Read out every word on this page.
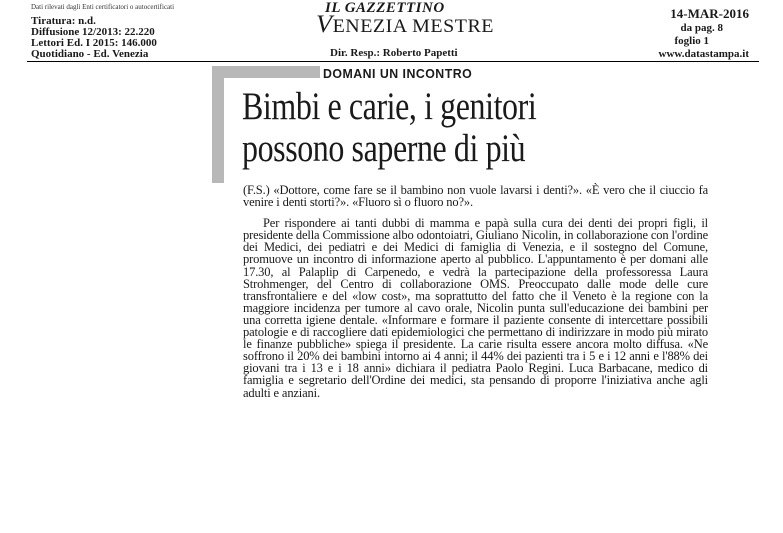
Dati rilevati dagli Enti certificatori o autocertificati
Tiratura: n.d.
Diffusione 12/2013: 22.220
Lettori Ed. I 2015: 146.000
Quotidiano - Ed. Venezia
IL GAZZETTINO
VENEZIA MESTRE
Dir. Resp.: Roberto Papetti
14-MAR-2016
da pag. 8
foglio 1
www.datastampa.it
DOMANI UN INCONTRO
Bimbi e carie, i genitori
possono saperne di più

(F.S.) «Dottore, come fare se il bambino non vuole lavarsi i denti?». «È vero che il ciuccio fa venire i denti storti?». «Fluoro sì o fluoro no?».

Per rispondere ai tanti dubbi di mamma e papà sulla cura dei denti dei propri figli, il presidente della Commissione albo odontoiatri, Giuliano Nicolin, in collaborazione con l'ordine dei Medici, dei pediatri e dei Medici di famiglia di Venezia, e il sostegno del Comune, promuove un incontro di informazione aperto al pubblico. L'appuntamento è per domani alle 17.30, al Palaplip di Carpenedo, e vedrà la partecipazione della professoressa Laura Strohmenger, del Centro di collaborazione OMS. Preoccupato dalle mode delle cure transfrontaliere e del «low cost», ma soprattutto del fatto che il Veneto è la regione con la maggiore incidenza per tumore al cavo orale, Nicolin punta sull'educazione dei bambini per una corretta igiene dentale. «Informare e formare il paziente consente di intercettare possibili patologie e di raccogliere dati epidemiologici che permettano di indirizzare in modo più mirato le finanze pubbliche» spiega il presidente. La carie risulta essere ancora molto diffusa. «Ne soffrono il 20% dei bambini intorno ai 4 anni; il 44% dei pazienti tra i 5 e i 12 anni e l'88% dei giovani tra i 13 e i 18 anni» dichiara il pediatra Paolo Regini. Luca Barbacane, medico di famiglia e segretario dell'Ordine dei medici, sta pensando di proporre l'iniziativa anche agli adulti e anziani.
